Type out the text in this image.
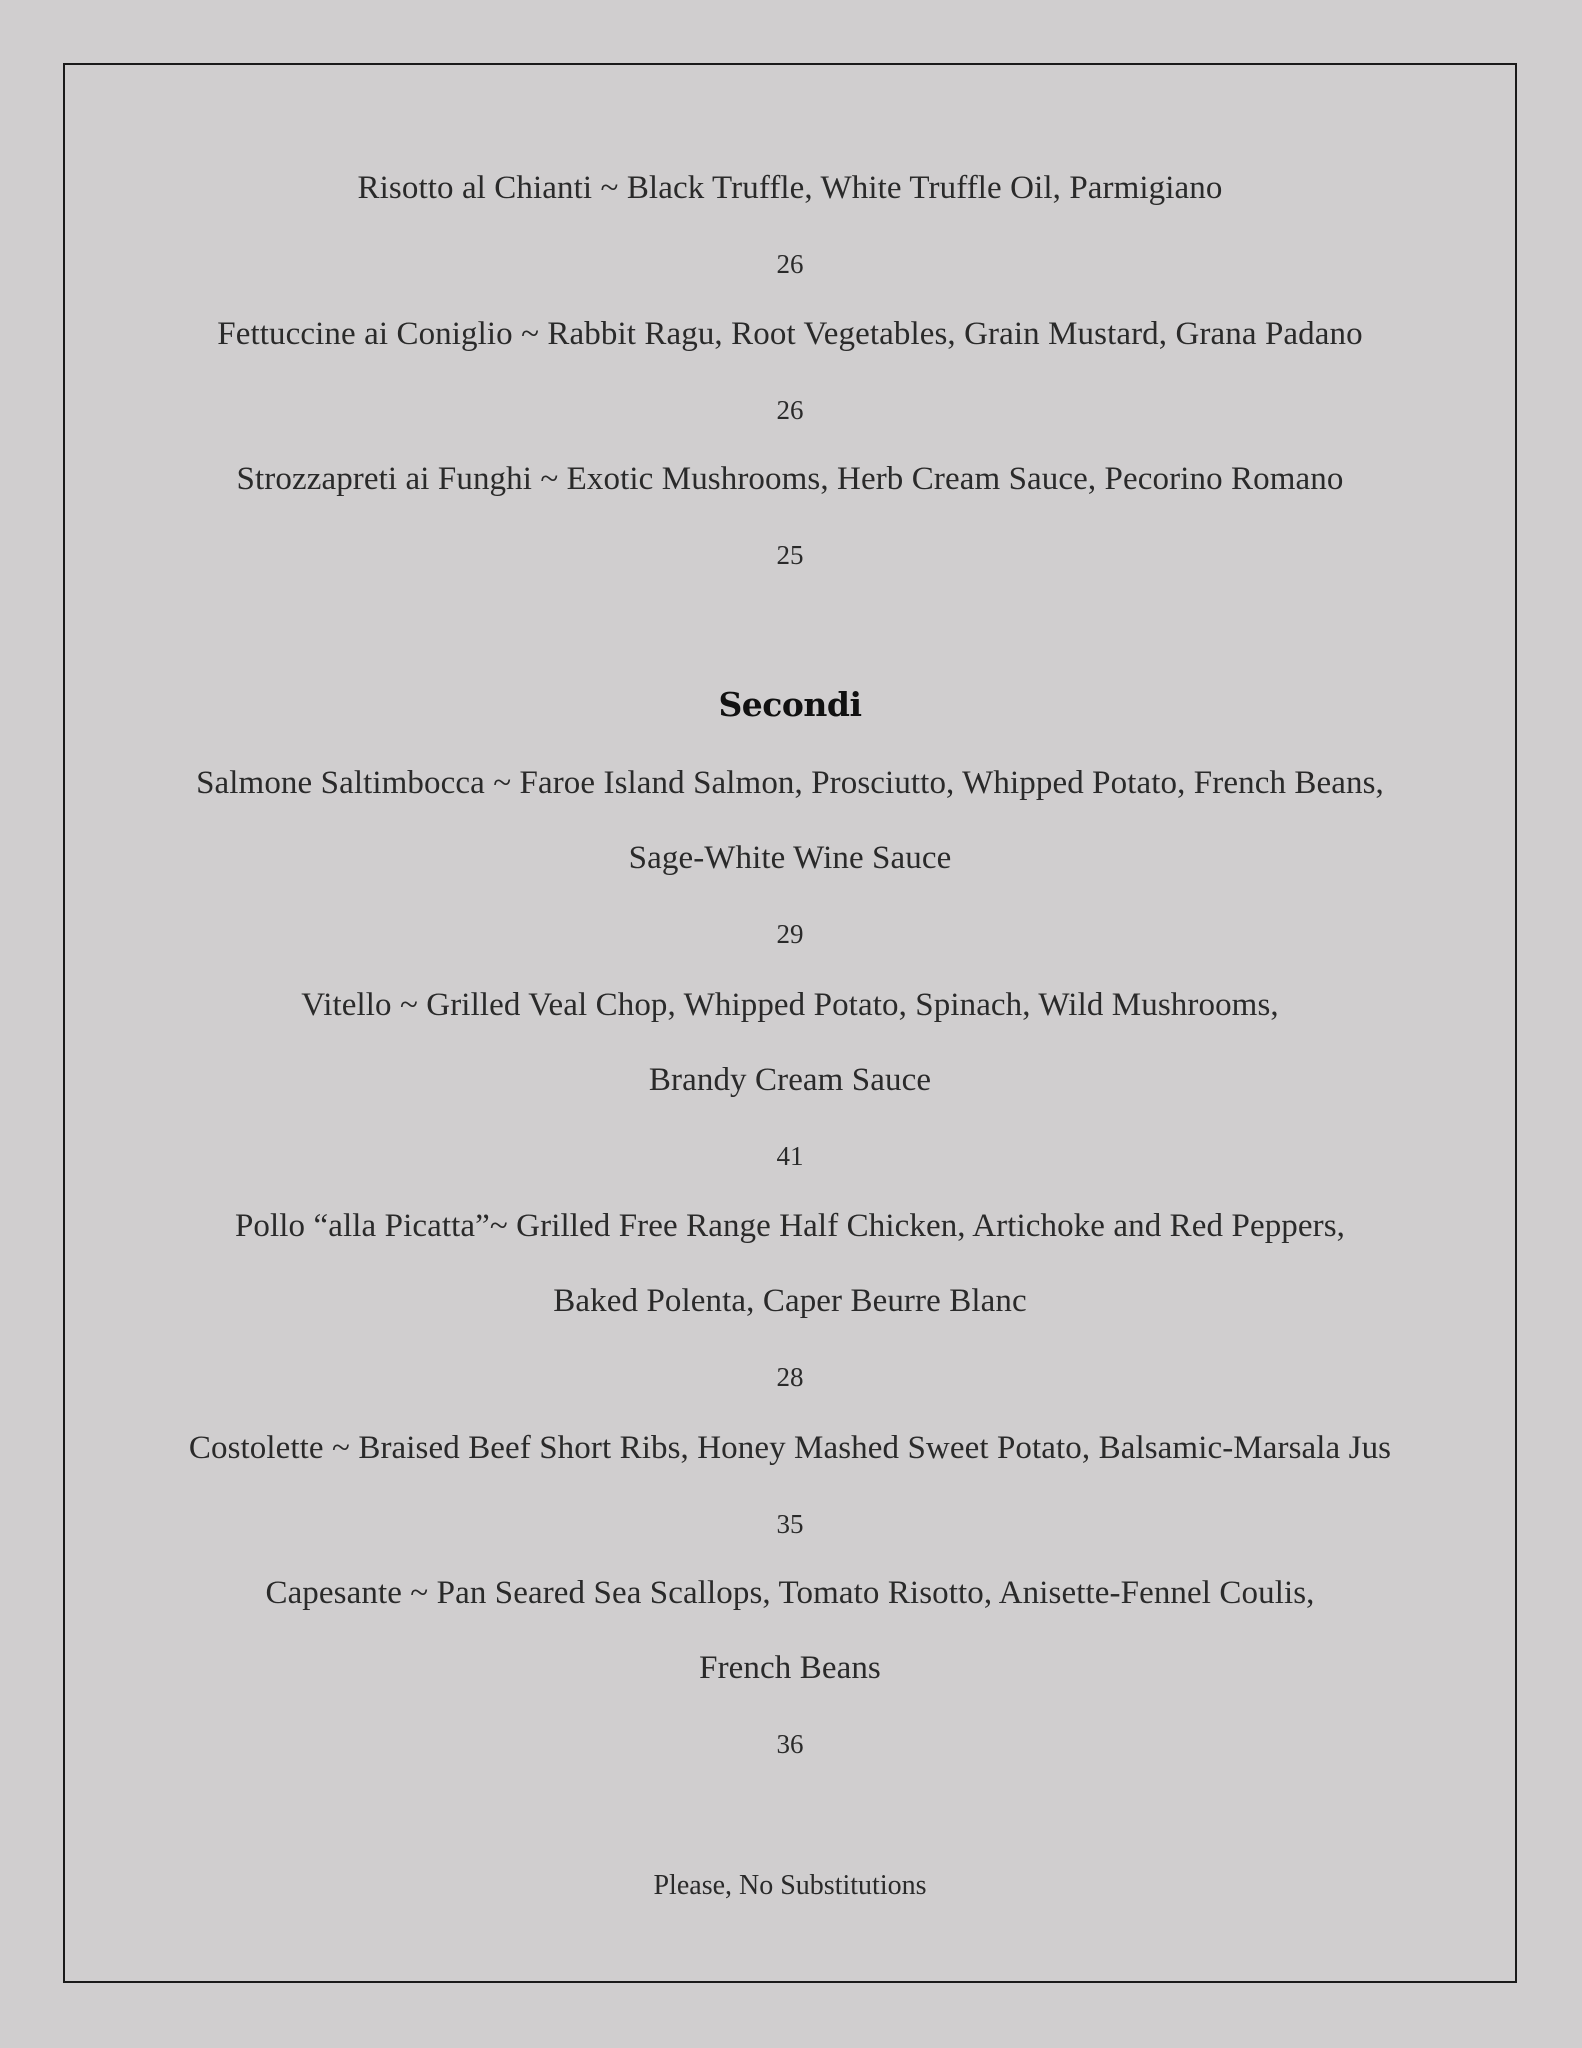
Risotto al Chianti ~ Black Truffle, White Truffle Oil, Parmigiano
26
Fettuccine ai Coniglio ~ Rabbit Ragu, Root Vegetables, Grain Mustard, Grana Padano
26
Strozzapreti ai Funghi ~ Exotic Mushrooms, Herb Cream Sauce, Pecorino Romano
25
Secondi
Salmone Saltimbocca ~ Faroe Island Salmon, Prosciutto, Whipped Potato, French Beans,
Sage-White Wine Sauce
29
Vitello ~ Grilled Veal Chop, Whipped Potato, Spinach, Wild Mushrooms,
Brandy Cream Sauce
41
Pollo “alla Picatta”~ Grilled Free Range Half Chicken, Artichoke and Red Peppers,
Baked Polenta, Caper Beurre Blanc
28
Costolette ~ Braised Beef Short Ribs, Honey Mashed Sweet Potato, Balsamic-Marsala Jus
35
Capesante ~ Pan Seared Sea Scallops, Tomato Risotto, Anisette-Fennel Coulis,
French Beans
36
Please, No Substitutions
